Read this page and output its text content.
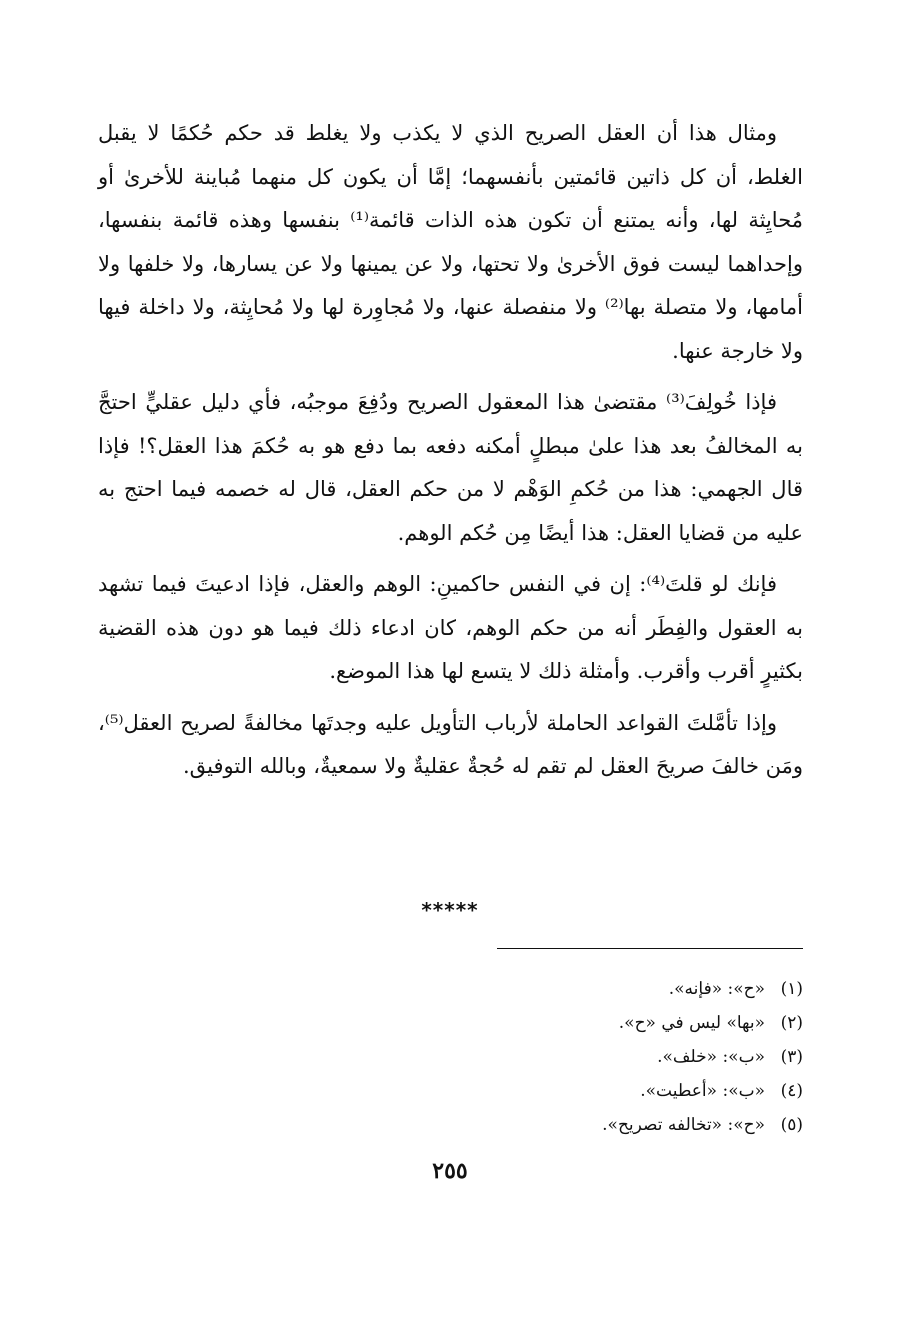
ومثال هذا أن العقل الصريح الذي لا يكذب ولا يغلط قد حكم حُكمًا لا يقبل الغلط، أن كل ذاتين قائمتين بأنفسهما؛ إمَّا أن يكون كل منهما مُباينة للأخرىٰ أو مُحايِثة لها، وأنه يمتنع أن تكون هذه الذات قائمة⁽¹⁾ بنفسها وهذه قائمة بنفسها، وإحداهما ليست فوق الأخرىٰ ولا تحتها، ولا عن يمينها ولا عن يسارها، ولا خلفها ولا أمامها، ولا متصلة بها⁽²⁾ ولا منفصلة عنها، ولا مُجاوِرة لها ولا مُحايِثة، ولا داخلة فيها ولا خارجة عنها.

فإذا خُولِفَ⁽³⁾ مقتضىٰ هذا المعقول الصريح ودُفِعَ موجبُه، فأي دليل عقليٍّ احتجَّ به المخالفُ بعد هذا علىٰ مبطلٍ أمكنه دفعه بما دفع هو به حُكمَ هذا العقل؟! فإذا قال الجهمي: هذا من حُكمِ الوَهْم لا من حكم العقل، قال له خصمه فيما احتج به عليه من قضايا العقل: هذا أيضًا مِن حُكم الوهم.

فإنك لو قلتَ⁽⁴⁾: إن في النفس حاكمينِ: الوهم والعقل، فإذا ادعيتَ فيما تشهد به العقول والفِطَر أنه من حكم الوهم، كان ادعاء ذلك فيما هو دون هذه القضية بكثيرٍ أقرب وأقرب. وأمثلة ذلك لا يتسع لها هذا الموضع.

وإذا تأمَّلتَ القواعد الحاملة لأرباب التأويل عليه وجدتَها مخالفةً لصريح العقل⁽⁵⁾، ومَن خالفَ صريحَ العقل لم تقم له حُجةٌ عقليةٌ ولا سمعيةٌ، وبالله التوفيق.

*****
(١)
«ح»: «فإنه».
(٢)
«بها» ليس في «ح».
(٣)
«ب»: «خلف».
(٤)
«ب»: «أعطيت».
(٥)
«ح»: «تخالفه تصريح».
٢٥٥
